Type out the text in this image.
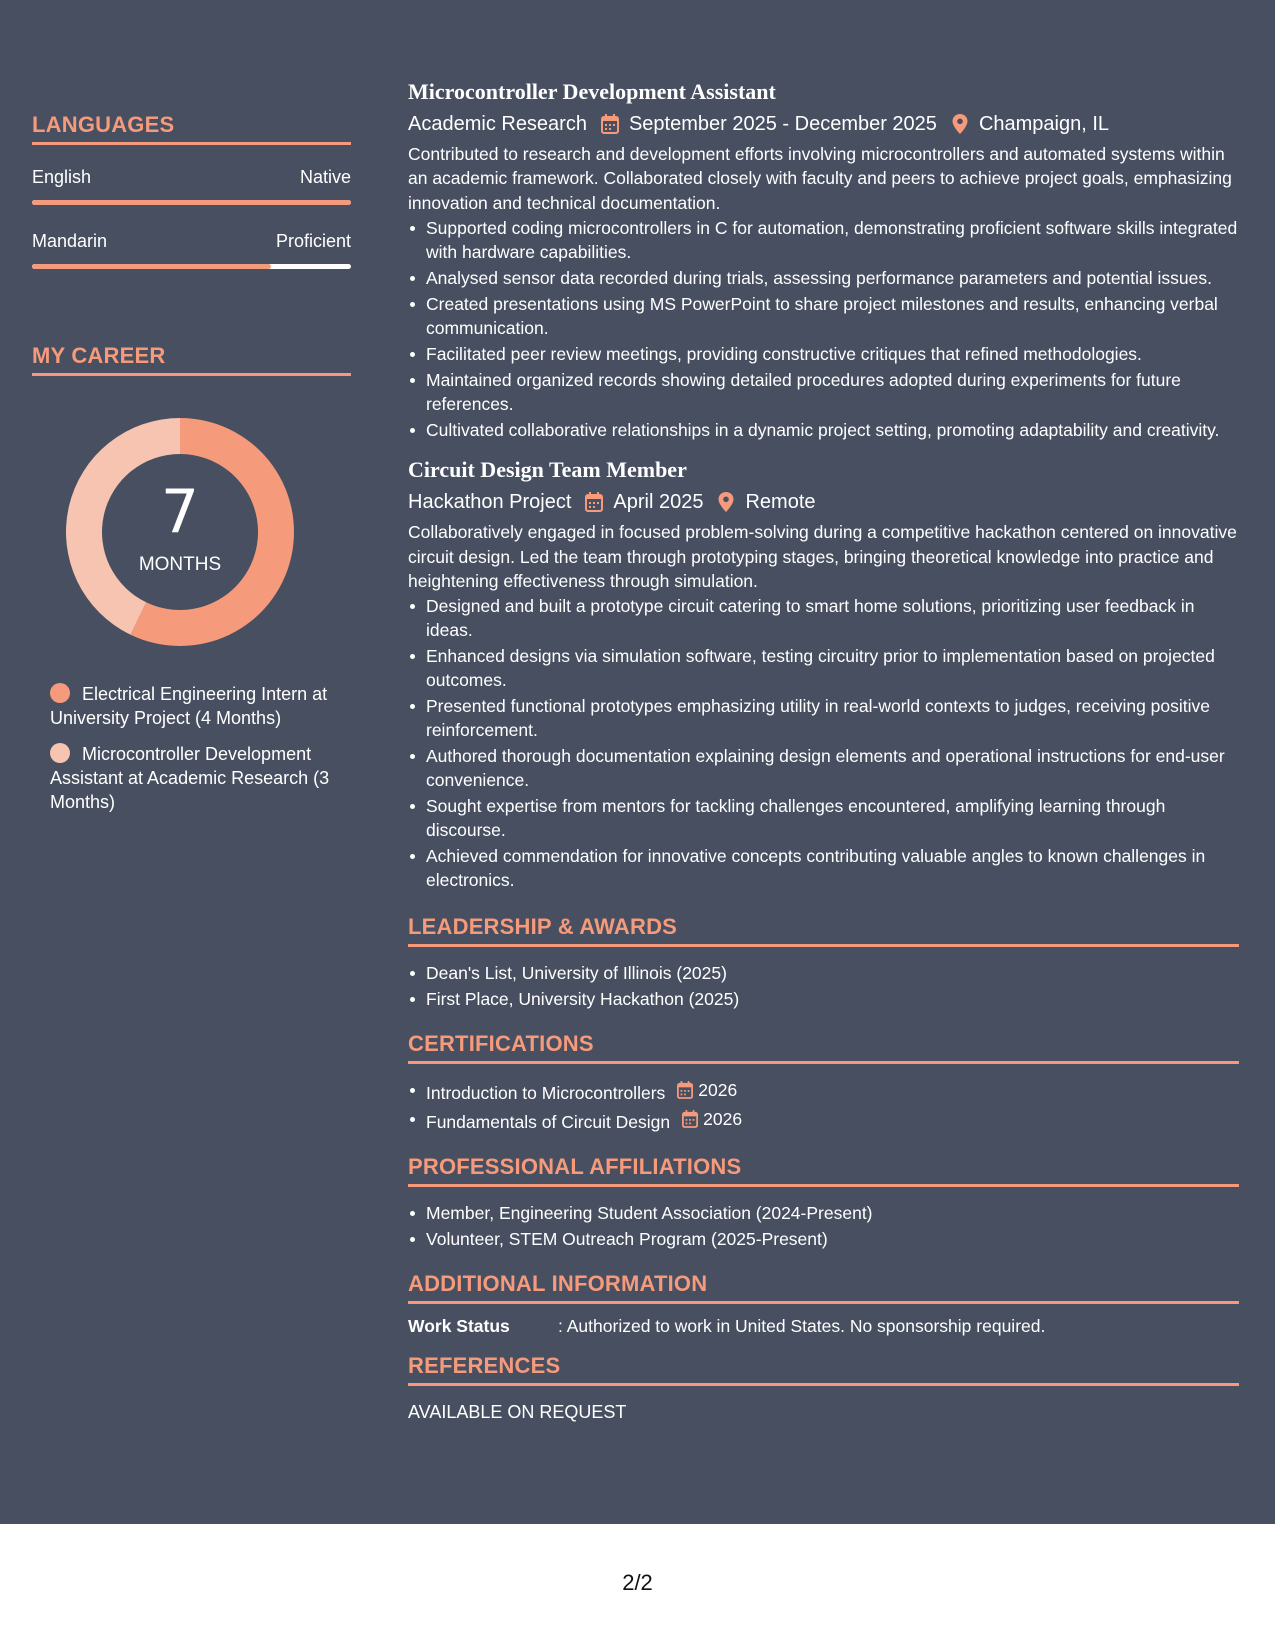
LANGUAGES
English	Native
Mandarin	Proficient
MY CAREER
7
MONTHS
Electrical Engineering Intern at University Project (4 Months)
Microcontroller Development Assistant at Academic Research (3 Months)
Microcontroller Development Assistant
Academic Research September 2025 - December 2025 Champaign, IL
Contributed to research and development efforts involving microcontrollers and automated systems within an academic framework. Collaborated closely with faculty and peers to achieve project goals, emphasizing innovation and technical documentation.
Supported coding microcontrollers in C for automation, demonstrating proficient software skills integrated with hardware capabilities.
Analysed sensor data recorded during trials, assessing performance parameters and potential issues.
Created presentations using MS PowerPoint to share project milestones and results, enhancing verbal communication.
Facilitated peer review meetings, providing constructive critiques that refined methodologies.
Maintained organized records showing detailed procedures adopted during experiments for future references.
Cultivated collaborative relationships in a dynamic project setting, promoting adaptability and creativity.
Circuit Design Team Member
Hackathon Project April 2025 Remote
Collaboratively engaged in focused problem-solving during a competitive hackathon centered on innovative circuit design. Led the team through prototyping stages, bringing theoretical knowledge into practice and heightening effectiveness through simulation.
Designed and built a prototype circuit catering to smart home solutions, prioritizing user feedback in ideas.
Enhanced designs via simulation software, testing circuitry prior to implementation based on projected outcomes.
Presented functional prototypes emphasizing utility in real-world contexts to judges, receiving positive reinforcement.
Authored thorough documentation explaining design elements and operational instructions for end-user convenience.
Sought expertise from mentors for tackling challenges encountered, amplifying learning through discourse.
Achieved commendation for innovative concepts contributing valuable angles to known challenges in electronics.
LEADERSHIP & AWARDS
Dean's List, University of Illinois (2025)
First Place, University Hackathon (2025)
CERTIFICATIONS
Introduction to Microcontrollers 2026
Fundamentals of Circuit Design 2026
PROFESSIONAL AFFILIATIONS
Member, Engineering Student Association (2024-Present)
Volunteer, STEM Outreach Program (2025-Present)
ADDITIONAL INFORMATION
Work Status	: Authorized to work in United States. No sponsorship required.
REFERENCES
AVAILABLE ON REQUEST
2/2
